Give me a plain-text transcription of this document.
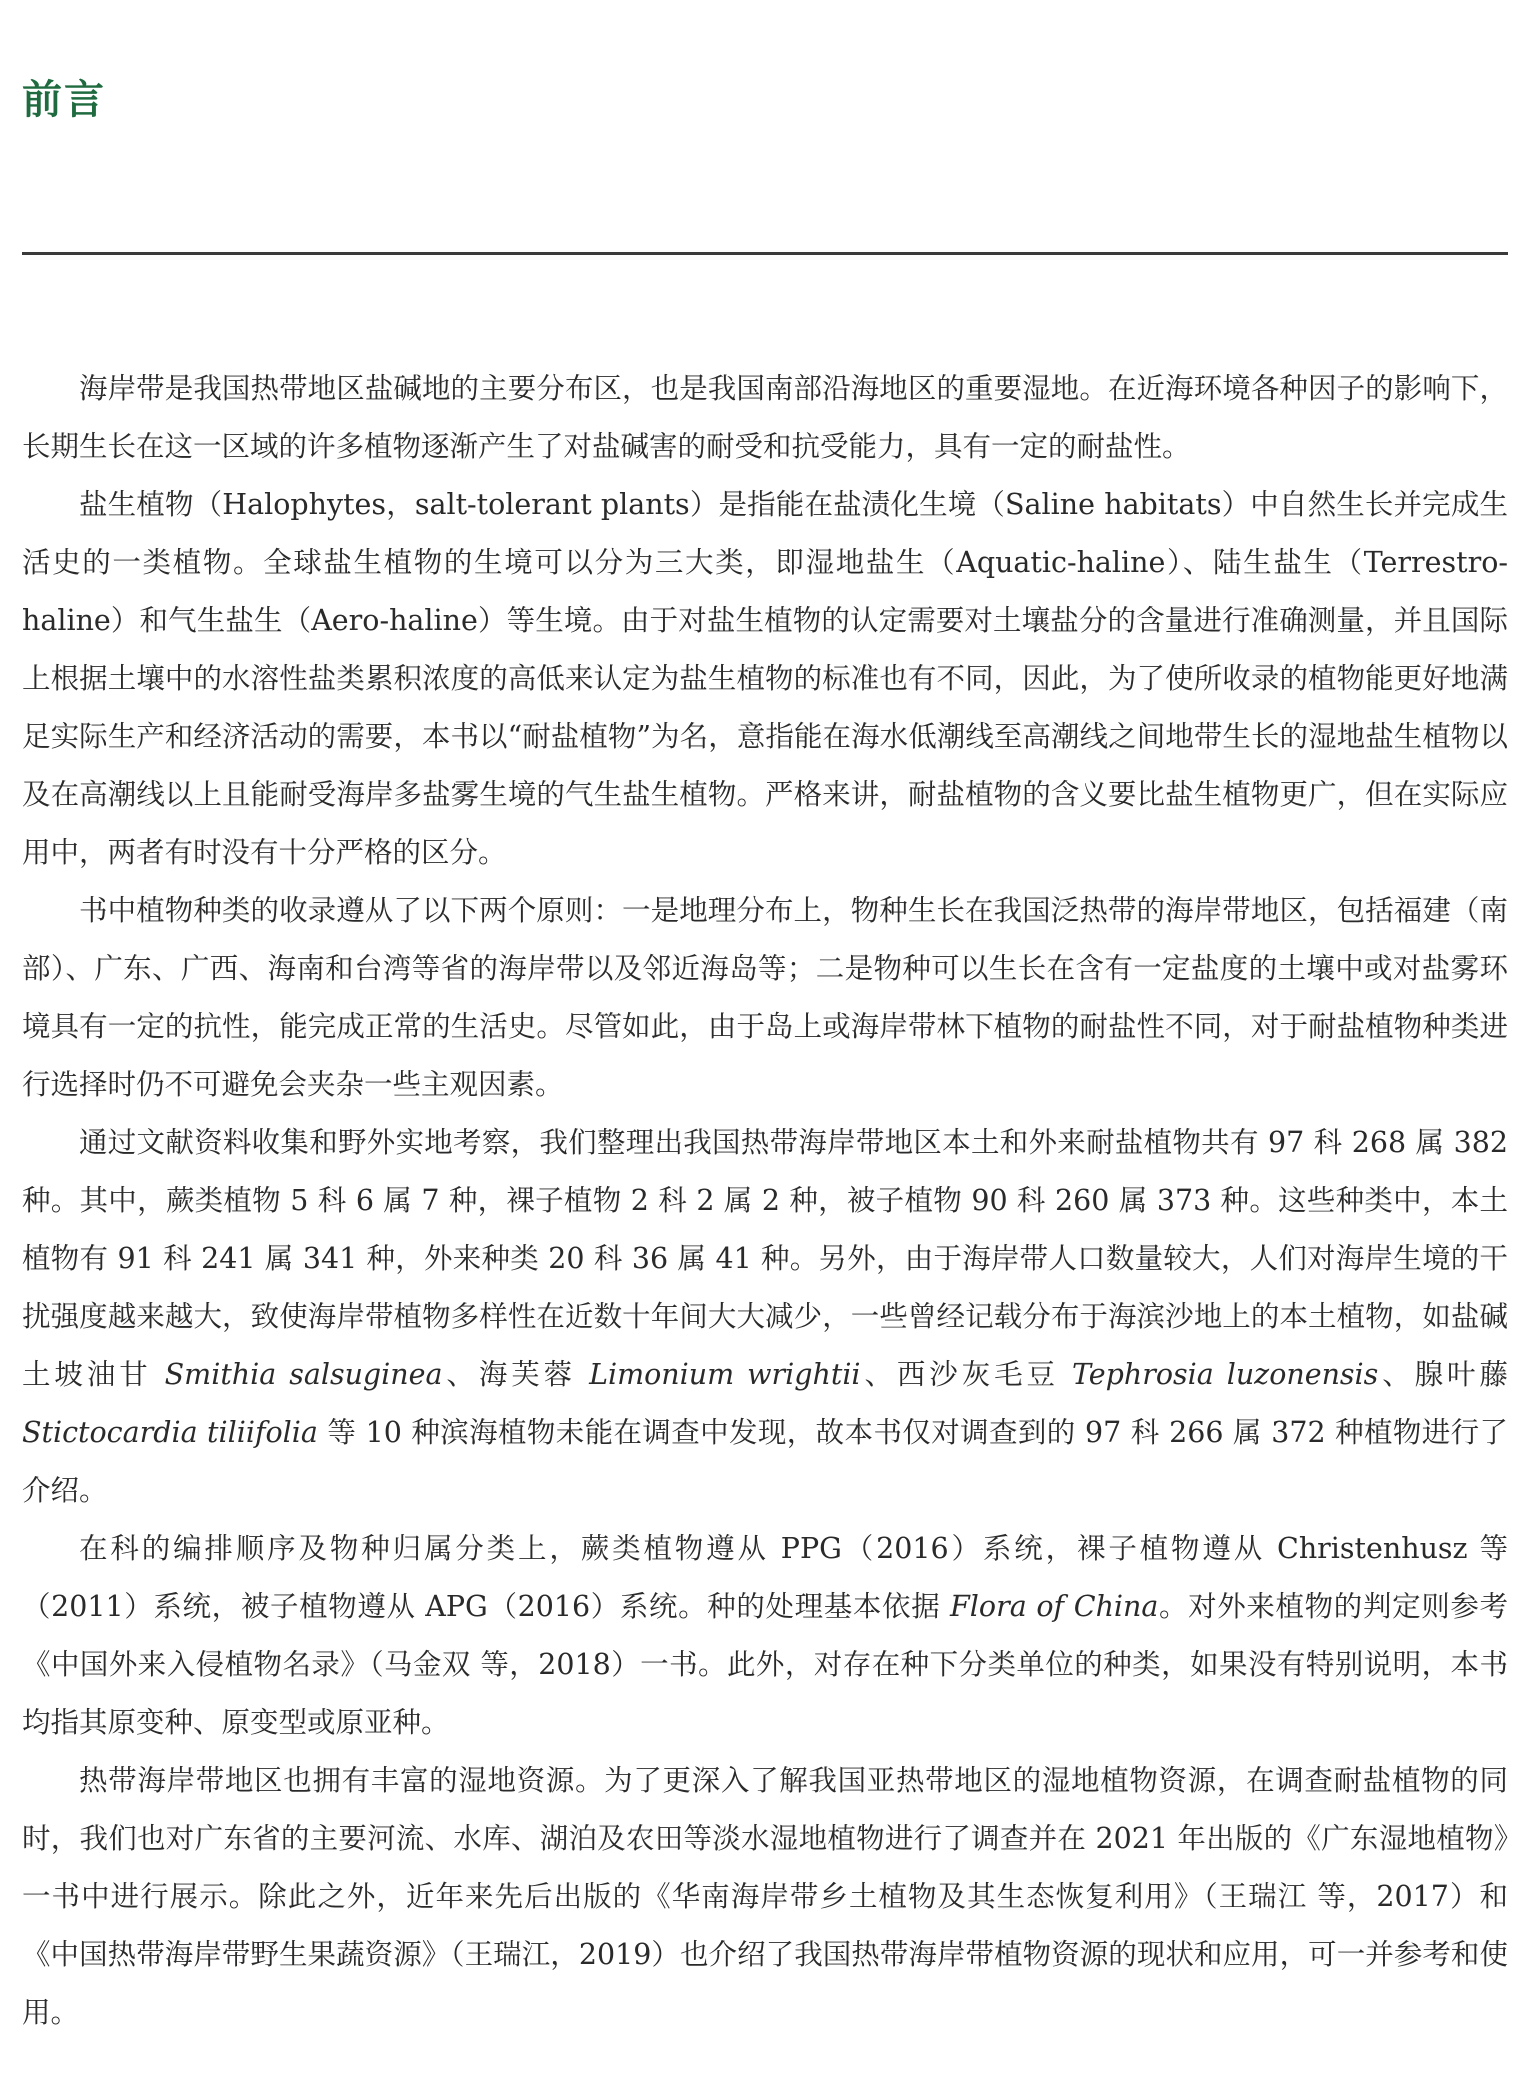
前言

海岸带是我国热带地区盐碱地的主要分布区，也是我国南部沿海地区的重要湿地。在近海环境各种因子的影响下，长期生长在这一区域的许多植物逐渐产生了对盐碱害的耐受和抗受能力，具有一定的耐盐性。

盐生植物（Halophytes，salt-tolerant plants）是指能在盐渍化生境（Saline habitats）中自然生长并完成生活史的一类植物。全球盐生植物的生境可以分为三大类，即湿地盐生（Aquatic-haline）、陆生盐生（Terrestro-haline）和气生盐生（Aero-haline）等生境。由于对盐生植物的认定需要对土壤盐分的含量进行准确测量，并且国际上根据土壤中的水溶性盐类累积浓度的高低来认定为盐生植物的标准也有不同，因此，为了使所收录的植物能更好地满足实际生产和经济活动的需要，本书以“耐盐植物”为名，意指能在海水低潮线至高潮线之间地带生长的湿地盐生植物以及在高潮线以上且能耐受海岸多盐雾生境的气生盐生植物。严格来讲，耐盐植物的含义要比盐生植物更广，但在实际应用中，两者有时没有十分严格的区分。

书中植物种类的收录遵从了以下两个原则：一是地理分布上，物种生长在我国泛热带的海岸带地区，包括福建（南部）、广东、广西、海南和台湾等省的海岸带以及邻近海岛等；二是物种可以生长在含有一定盐度的土壤中或对盐雾环境具有一定的抗性，能完成正常的生活史。尽管如此，由于岛上或海岸带林下植物的耐盐性不同，对于耐盐植物种类进行选择时仍不可避免会夹杂一些主观因素。

通过文献资料收集和野外实地考察，我们整理出我国热带海岸带地区本土和外来耐盐植物共有 97 科 268 属 382 种。其中，蕨类植物 5 科 6 属 7 种，裸子植物 2 科 2 属 2 种，被子植物 90 科 260 属 373 种。这些种类中，本土植物有 91 科 241 属 341 种，外来种类 20 科 36 属 41 种。另外，由于海岸带人口数量较大，人们对海岸生境的干扰强度越来越大，致使海岸带植物多样性在近数十年间大大减少，一些曾经记载分布于海滨沙地上的本土植物，如盐碱土坡油甘 Smithia salsuginea、海芙蓉 Limonium wrightii、西沙灰毛豆 Tephrosia luzonensis、腺叶藤 Stictocardia tiliifolia 等 10 种滨海植物未能在调查中发现，故本书仅对调查到的 97 科 266 属 372 种植物进行了介绍。

在科的编排顺序及物种归属分类上，蕨类植物遵从 PPG（2016）系统，裸子植物遵从 Christenhusz 等（2011）系统，被子植物遵从 APG（2016）系统。种的处理基本依据 Flora of China。对外来植物的判定则参考《中国外来入侵植物名录》（马金双 等，2018）一书。此外，对存在种下分类单位的种类，如果没有特别说明，本书均指其原变种、原变型或原亚种。

热带海岸带地区也拥有丰富的湿地资源。为了更深入了解我国亚热带地区的湿地植物资源，在调查耐盐植物的同时，我们也对广东省的主要河流、水库、湖泊及农田等淡水湿地植物进行了调查并在 2021 年出版的《广东湿地植物》一书中进行展示。除此之外，近年来先后出版的《华南海岸带乡土植物及其生态恢复利用》（王瑞江 等，2017）和《中国热带海岸带野生果蔬资源》（王瑞江，2019）也介绍了我国热带海岸带植物资源的现状和应用，可一并参考和使用。
